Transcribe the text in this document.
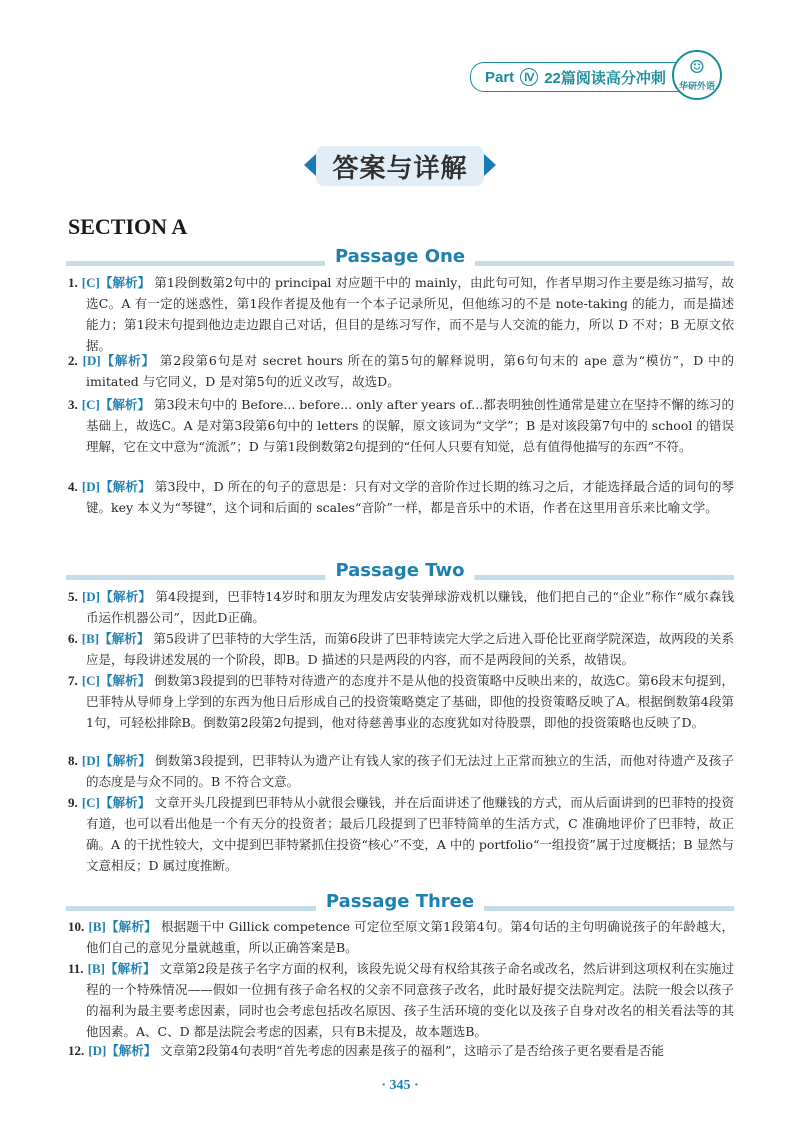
Part Ⅳ 22篇阅读高分冲刺
☺
华研外语
答案与详解
SECTION A
Passage One
1. [C]【解析】 第1段倒数第2句中的 principal 对应题干中的 mainly，由此句可知，作者早期习作主要是练习描写，故选C。A 有一定的迷惑性，第1段作者提及他有一个本子记录所见，但他练习的不是 note-taking 的能力，而是描述能力；第1段末句提到他边走边跟自己对话，但目的是练习写作，而不是与人交流的能力，所以 D 不对；B 无原文依据。
2. [D]【解析】 第2段第6句是对 secret hours 所在的第5句的解释说明，第6句句末的 ape 意为“模仿”，D 中的 imitated 与它同义，D 是对第5句的近义改写，故选D。
3. [C]【解析】 第3段末句中的 Before... before... only after years of...都表明独创性通常是建立在坚持不懈的练习的基础上，故选C。A 是对第3段第6句中的 letters 的误解，原文该词为“文学”；B 是对该段第7句中的 school 的错误理解，它在文中意为“流派”；D 与第1段倒数第2句提到的“任何人只要有知觉，总有值得他描写的东西”不符。
4. [D]【解析】 第3段中，D 所在的句子的意思是：只有对文学的音阶作过长期的练习之后，才能选择最合适的词句的琴键。key 本义为“琴键”，这个词和后面的 scales“音阶”一样，都是音乐中的术语，作者在这里用音乐来比喻文学。
Passage Two
5. [D]【解析】 第4段提到，巴菲特14岁时和朋友为理发店安装弹球游戏机以赚钱，他们把自己的“企业”称作“威尔森钱币运作机器公司”，因此D正确。
6. [B]【解析】 第5段讲了巴菲特的大学生活，而第6段讲了巴菲特读完大学之后进入哥伦比亚商学院深造，故两段的关系应是，每段讲述发展的一个阶段，即B。D 描述的只是两段的内容，而不是两段间的关系，故错误。
7. [C]【解析】 倒数第3段提到的巴菲特对待遗产的态度并不是从他的投资策略中反映出来的，故选C。第6段末句提到，巴菲特从导师身上学到的东西为他日后形成自己的投资策略奠定了基础，即他的投资策略反映了A。根据倒数第4段第1句，可轻松排除B。倒数第2段第2句提到，他对待慈善事业的态度犹如对待股票，即他的投资策略也反映了D。
8. [D]【解析】 倒数第3段提到，巴菲特认为遗产让有钱人家的孩子们无法过上正常而独立的生活，而他对待遗产及孩子的态度是与众不同的。B 不符合文意。
9. [C]【解析】 文章开头几段提到巴菲特从小就很会赚钱，并在后面讲述了他赚钱的方式，而从后面讲到的巴菲特的投资有道，也可以看出他是一个有天分的投资者；最后几段提到了巴菲特简单的生活方式，C 准确地评价了巴菲特，故正确。A 的干扰性较大，文中提到巴菲特紧抓住投资“核心”不变，A 中的 portfolio“一组投资”属于过度概括；B 显然与文意相反；D 属过度推断。
Passage Three
10. [B]【解析】 根据题干中 Gillick competence 可定位至原文第1段第4句。第4句话的主句明确说孩子的年龄越大，他们自己的意见分量就越重，所以正确答案是B。
11. [B]【解析】 文章第2段是孩子名字方面的权利，该段先说父母有权给其孩子命名或改名，然后讲到这项权利在实施过程的一个特殊情况——假如一位拥有孩子命名权的父亲不同意孩子改名，此时最好提交法院判定。法院一般会以孩子的福利为最主要考虑因素，同时也会考虑包括改名原因、孩子生活环境的变化以及孩子自身对改名的相关看法等的其他因素。A、C、D 都是法院会考虑的因素，只有B未提及，故本题选B。
12. [D]【解析】 文章第2段第4句表明“首先考虑的因素是孩子的福利”，这暗示了是否给孩子更名要看是否能
· 345 ·
